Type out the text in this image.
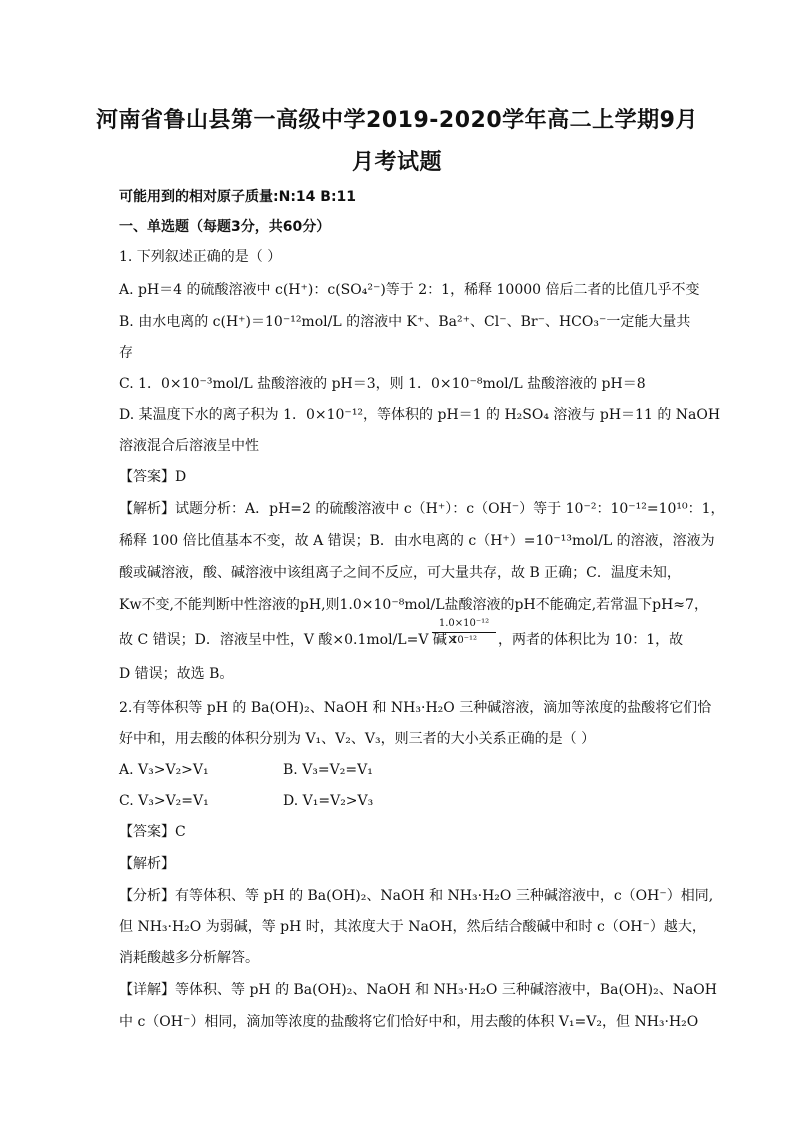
河南省鲁山县第一高级中学2019-2020学年高二上学期9月
月考试题
可能用到的相对原子质量:N:14 B:11
一、单选题（每题3分，共60分）
1. 下列叙述正确的是（ ）
A. pH＝4 的硫酸溶液中 c(H⁺)：c(SO₄²⁻)等于 2：1，稀释 10000 倍后二者的比值几乎不变
B. 由水电离的 c(H⁺)＝10⁻¹²mol/L 的溶液中 K⁺、Ba²⁺、Cl⁻、Br⁻、HCO₃⁻一定能大量共
存
C. 1．0×10⁻³mol/L 盐酸溶液的 pH＝3，则 1．0×10⁻⁸mol/L 盐酸溶液的 pH＝8
D. 某温度下水的离子积为 1．0×10⁻¹²，等体积的 pH＝1 的 H₂SO₄ 溶液与 pH＝11 的 NaOH
溶液混合后溶液呈中性
【答案】D
【解析】试题分析：A．pH=2 的硫酸溶液中 c（H⁺）：c（OH⁻）等于 10⁻²：10⁻¹²=10¹⁰：1，
稀释 100 倍比值基本不变，故 A 错误；B．由水电离的 c（H⁺）=10⁻¹³mol/L 的溶液，溶液为
酸或碱溶液，酸、碱溶液中该组离子之间不反应，可大量共存，故 B 正确；C．温度未知，
Kw不变,不能判断中性溶液的pH,则1.0×10⁻⁸mol/L盐酸溶液的pH不能确定,若常温下pH≈7，
故 C 错误；D．溶液呈中性，V 酸×0.1mol/L=V 碱×
$\frac{\text{1.0×10⁻¹²}}{\text{10⁻¹²}}$ ，两者的体积比为 10：1，故
D 错误；故选 B。
2.有等体积等 pH 的 Ba(OH)₂、NaOH 和 NH₃·H₂O 三种碱溶液，滴加等浓度的盐酸将它们恰
好中和，用去酸的体积分别为 V₁、V₂、V₃，则三者的大小关系正确的是（ ）
A. V₃>V₂>V₁	B. V₃=V₂=V₁
C. V₃>V₂=V₁	D. V₁=V₂>V₃
【答案】C
【解析】
【分析】有等体积、等 pH 的 Ba(OH)₂、NaOH 和 NH₃·H₂O 三种碱溶液中，c（OH⁻）相同,
但 NH₃·H₂O 为弱碱，等 pH 时，其浓度大于 NaOH，然后结合酸碱中和时 c（OH⁻）越大，
消耗酸越多分析解答。
【详解】等体积、等 pH 的 Ba(OH)₂、NaOH 和 NH₃·H₂O 三种碱溶液中，Ba(OH)₂、NaOH
中 c（OH⁻）相同，滴加等浓度的盐酸将它们恰好中和，用去酸的体积 V₁=V₂，但 NH₃·H₂O
